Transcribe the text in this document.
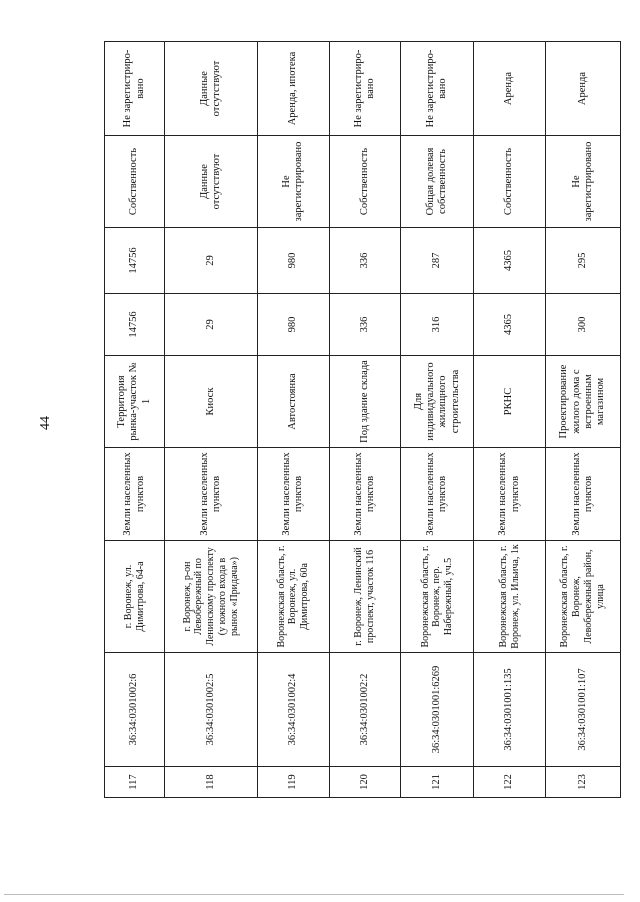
44
117	36:34:0301002:6	г. Воронеж, ул. Димитрова, 64-а	Земли населенных пунктов	Территория рынка-участок № 1	14756	14756	Собственность	Не зарегистриро-вано
118	36:34:0301002:5	г. Воронеж, р-он Левобережный по Ленинскому проспекту (у южного входа в рынок «Придача»)	Земли населенных пунктов	Киоск	29	29	Данные отсутствуют	Данные отсутствуют
119	36:34:0301002:4	Воронежская область, г. Воронеж, ул. Димитрова, 60а	Земли населенных пунктов	Автостоянка	980	980	Не зарегистрировано	Аренда, ипотека
120	36:34:0301002:2	г. Воронеж, Ленинский проспект, участок 116	Земли населенных пунктов	Под здание склада	336	336	Собственность	Не зарегистриро-вано
121	36:34:0301001:6269	Воронежская область, г. Воронеж, пер. Набережный, уч.5	Земли населенных пунктов	Для индивидуального жилищного строительства	316	287	Общая долевая собственность	Не зарегистриро-вано
122	36:34:0301001:135	Воронежская область, г. Воронеж, ул. Ильича, 1к	Земли населенных пунктов	РКНС	4365	4365	Собственность	Аренда
123	36:34:0301001:107	Воронежская область, г. Воронеж, Левобережный район, улица	Земли населенных пунктов	Проектирование жилого дома с встроенным магазином	300	295	Не зарегистрировано	Аренда
